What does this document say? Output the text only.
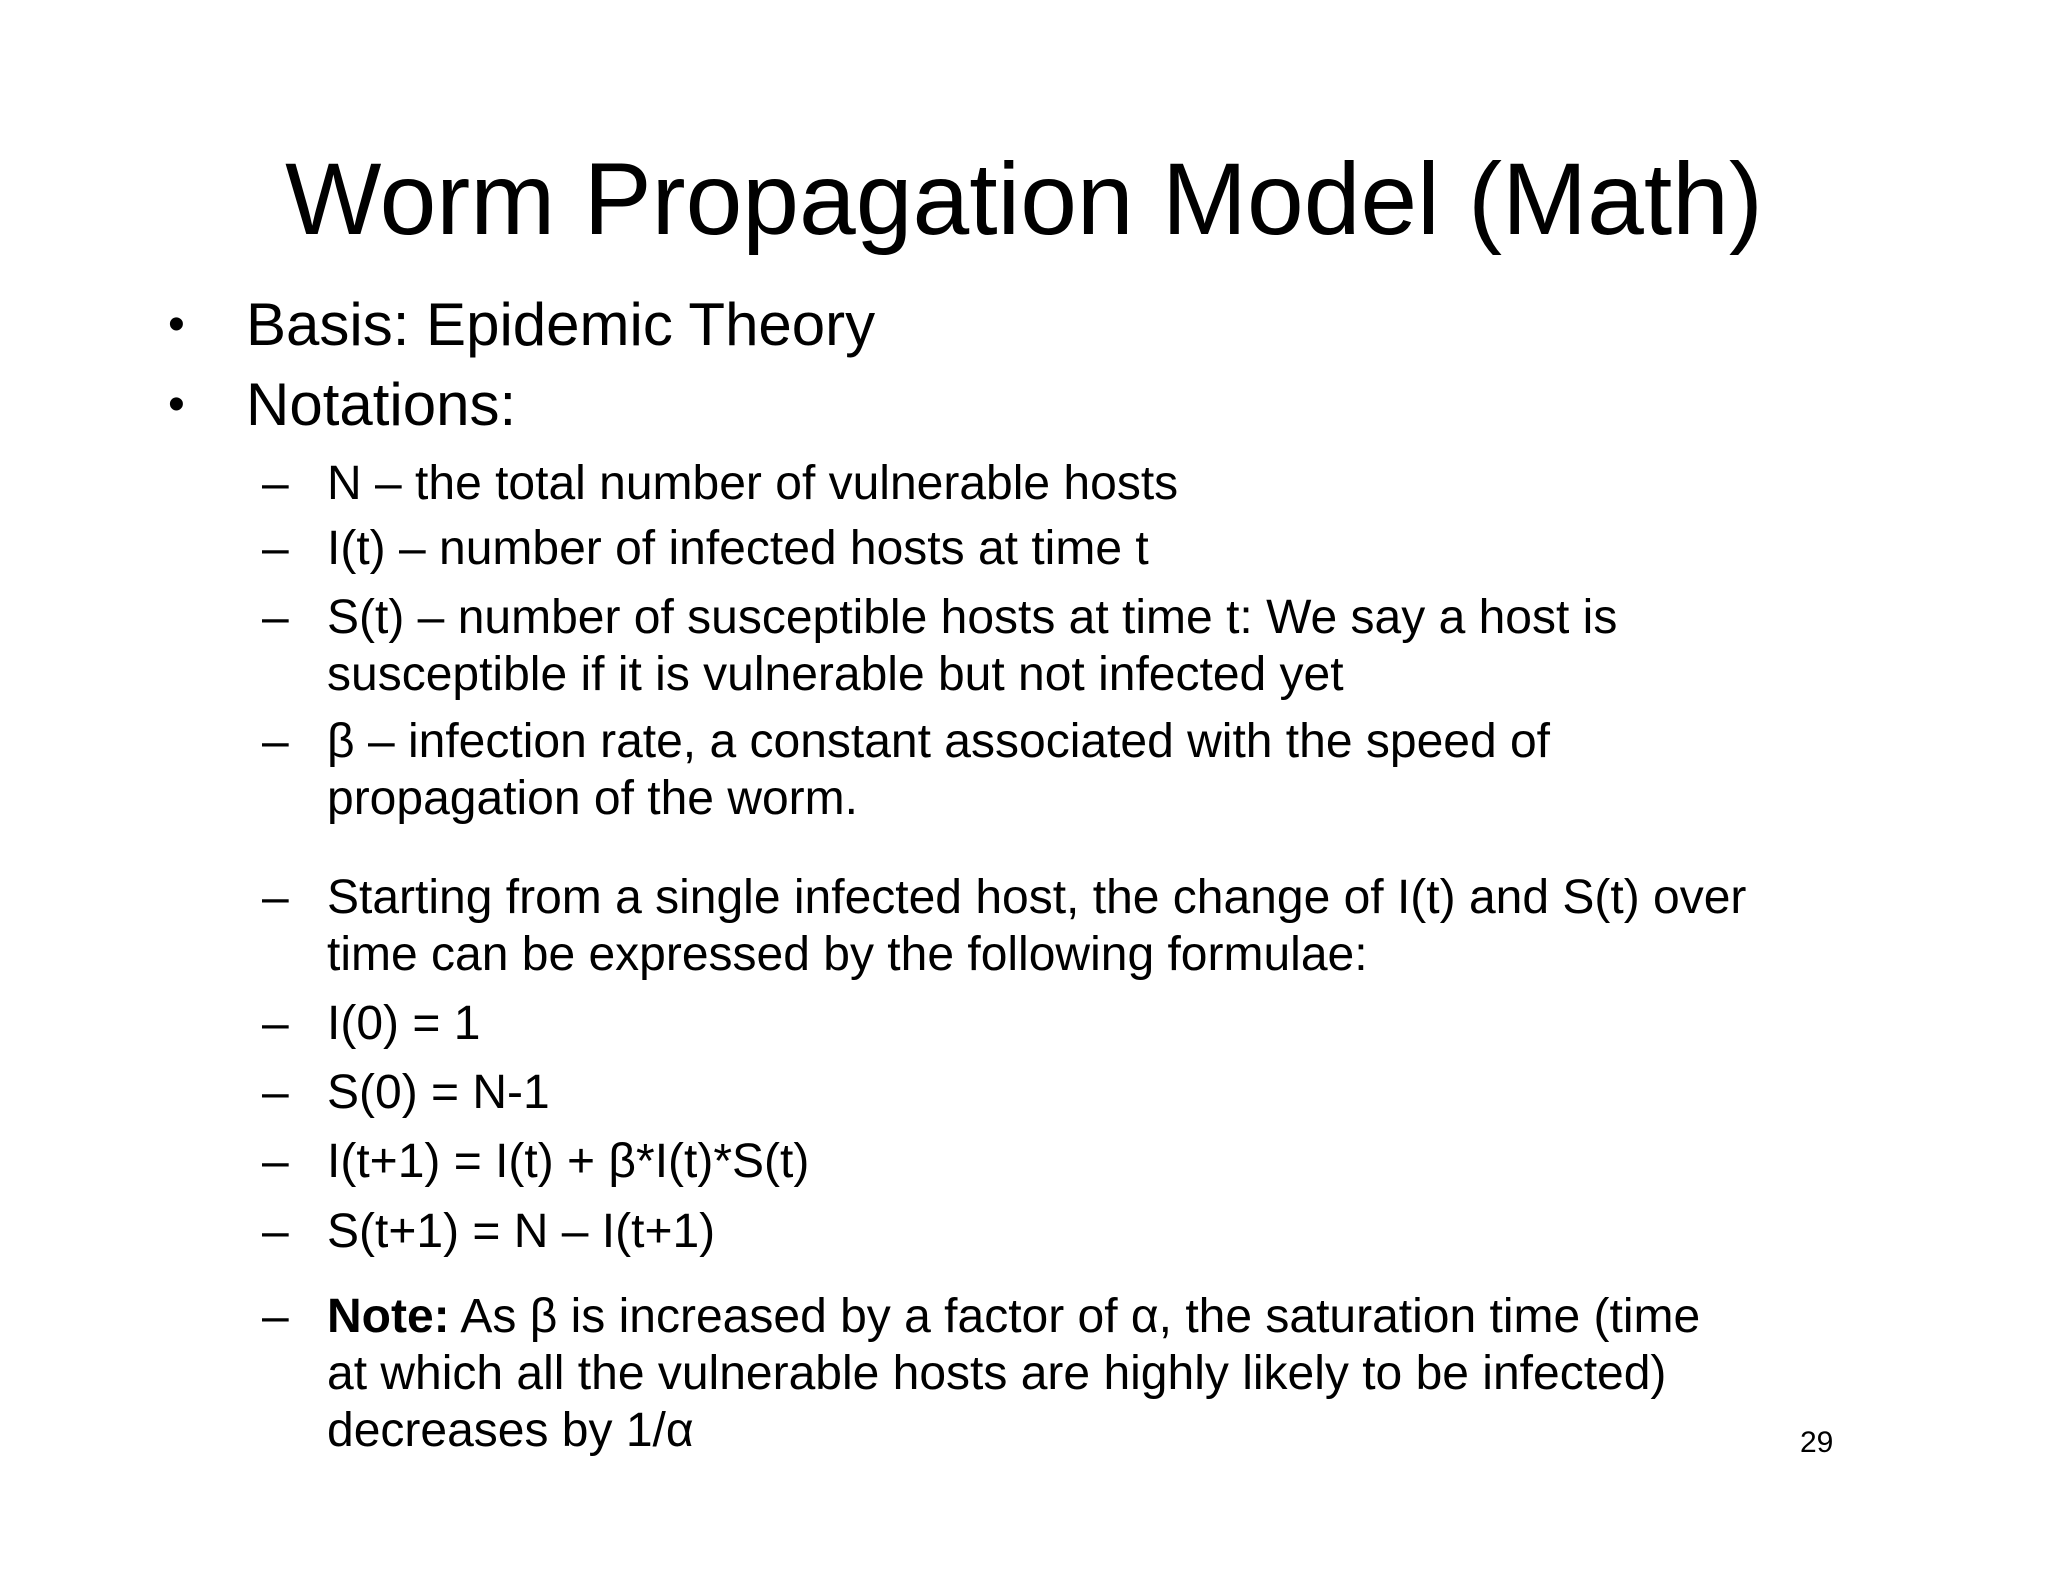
Worm Propagation Model (Math)
• Basis: Epidemic Theory
• Notations:
– N – the total number of vulnerable hosts
– I(t) – number of infected hosts at time t
– S(t) – number of susceptible hosts at time t: We say a host is
susceptible if it is vulnerable but not infected yet
– β – infection rate, a constant associated with the speed of
propagation of the worm.
– Starting from a single infected host, the change of I(t) and S(t) over
time can be expressed by the following formulae:
– I(0) = 1
– S(0) = N-1
– I(t+1) = I(t) + β*I(t)*S(t)
– S(t+1) = N – I(t+1)
– Note: As β is increased by a factor of α, the saturation time (time
at which all the vulnerable hosts are highly likely to be infected)
decreases by 1/α	29
